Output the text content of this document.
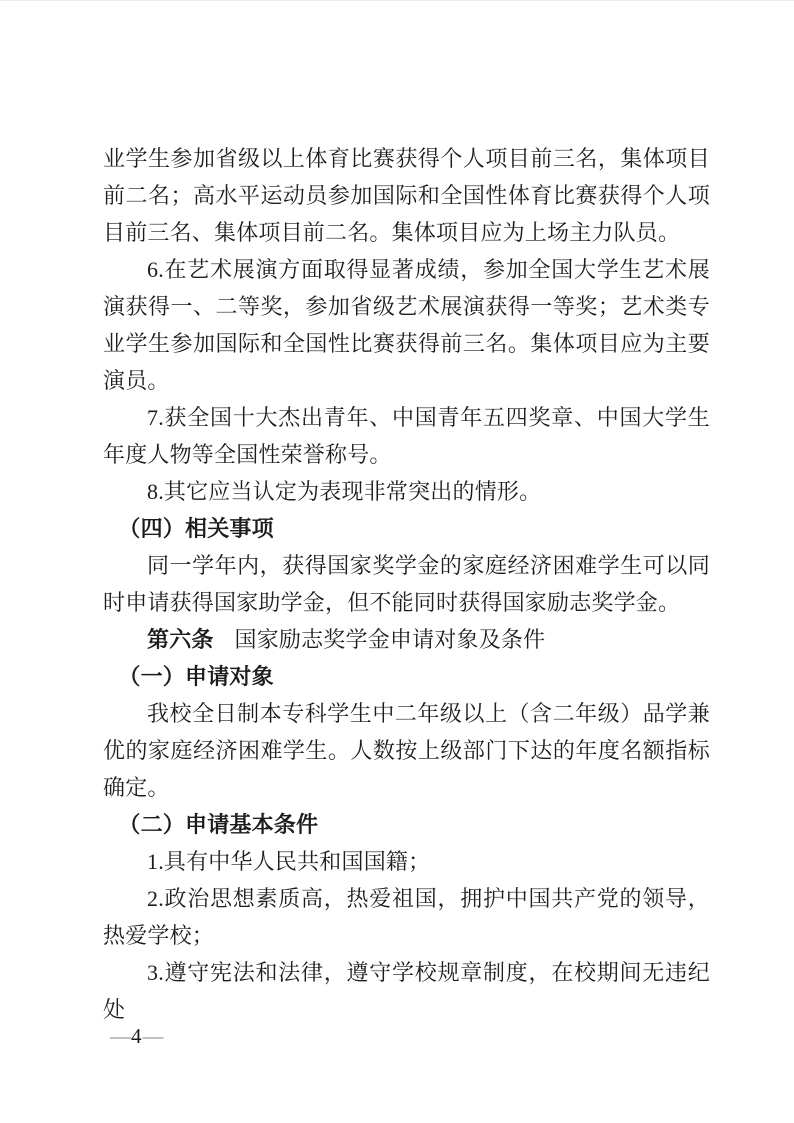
业学生参加省级以上体育比赛获得个人项目前三名，集体项目前二名；高水平运动员参加国际和全国性体育比赛获得个人项目前三名、集体项目前二名。集体项目应为上场主力队员。

6.在艺术展演方面取得显著成绩，参加全国大学生艺术展演获得一、二等奖，参加省级艺术展演获得一等奖；艺术类专业学生参加国际和全国性比赛获得前三名。集体项目应为主要演员。

7.获全国十大杰出青年、中国青年五四奖章、中国大学生年度人物等全国性荣誉称号。

8.其它应当认定为表现非常突出的情形。

（四）相关事项

同一学年内，获得国家奖学金的家庭经济困难学生可以同时申请获得国家助学金，但不能同时获得国家励志奖学金。

第六条 国家励志奖学金申请对象及条件

（一）申请对象

我校全日制本专科学生中二年级以上（含二年级）品学兼优的家庭经济困难学生。人数按上级部门下达的年度名额指标确定。

（二）申请基本条件

1.具有中华人民共和国国籍；

2.政治思想素质高，热爱祖国，拥护中国共产党的领导，热爱学校；

3.遵守宪法和法律，遵守学校规章制度，在校期间无违纪处

—4—
